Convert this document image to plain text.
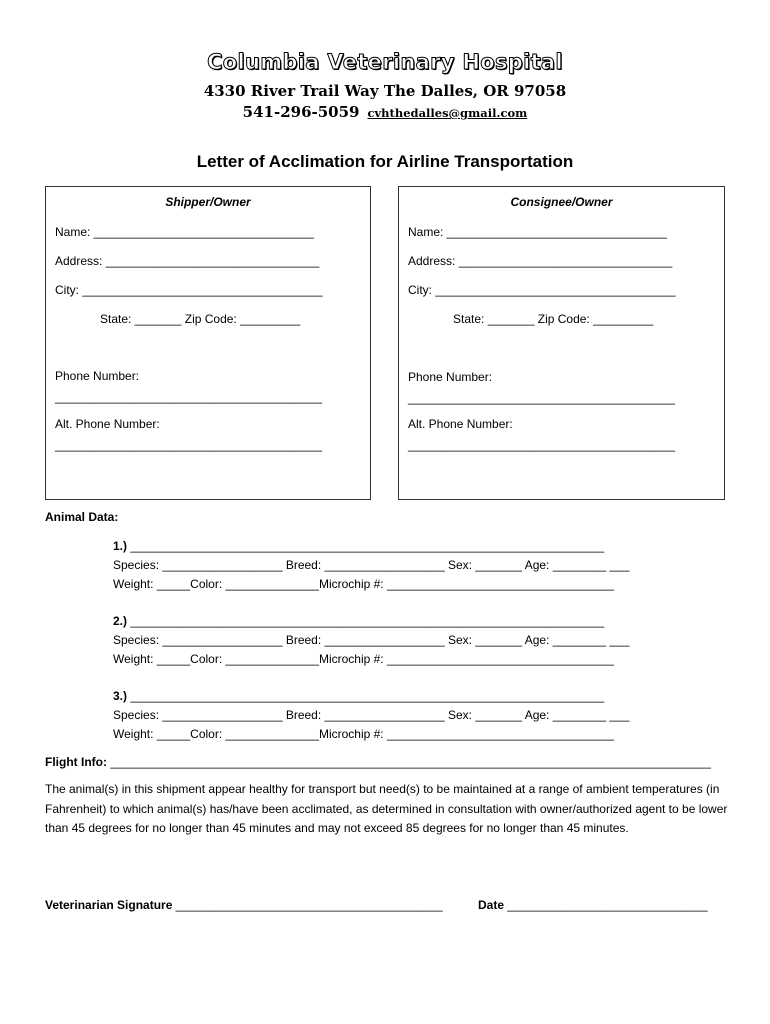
Columbia Veterinary Hospital
4330 River Trail Way The Dalles, OR 97058
541-296-5059 cvhthedalles@gmail.com
Letter of Acclimation for Airline Transportation
Shipper/Owner
Name: _________________________________
Address: ________________________________
City: ____________________________________
State: _______ Zip Code: _________
Phone Number:
________________________________________
Alt. Phone Number:
________________________________________
Consignee/Owner
Name: _________________________________
Address: ________________________________
City: ____________________________________
State: _______ Zip Code: _________
Phone Number:
________________________________________
Alt. Phone Number:
________________________________________
Animal Data:
1.) _______________________________________________________________________
Species: __________________ Breed: __________________ Sex: _______ Age: ________ ___
Weight: _____Color: ______________Microchip #: __________________________________
2.) _______________________________________________________________________
Species: __________________ Breed: __________________ Sex: _______ Age: ________ ___
Weight: _____Color: ______________Microchip #: __________________________________
3.) _______________________________________________________________________
Species: __________________ Breed: __________________ Sex: _______ Age: ________ ___
Weight: _____Color: ______________Microchip #: __________________________________
Flight Info: __________________________________________________________________________________________
The animal(s) in this shipment appear healthy for transport but need(s) to be maintained at a range of ambient temperatures (in Fahrenheit) to which animal(s) has/have been acclimated, as determined in consultation with owner/authorized agent to be lower than 45 degrees for no longer than 45 minutes and may not exceed 85 degrees for no longer than 45 minutes.
Veterinarian Signature ________________________________________	Date ______________________________
